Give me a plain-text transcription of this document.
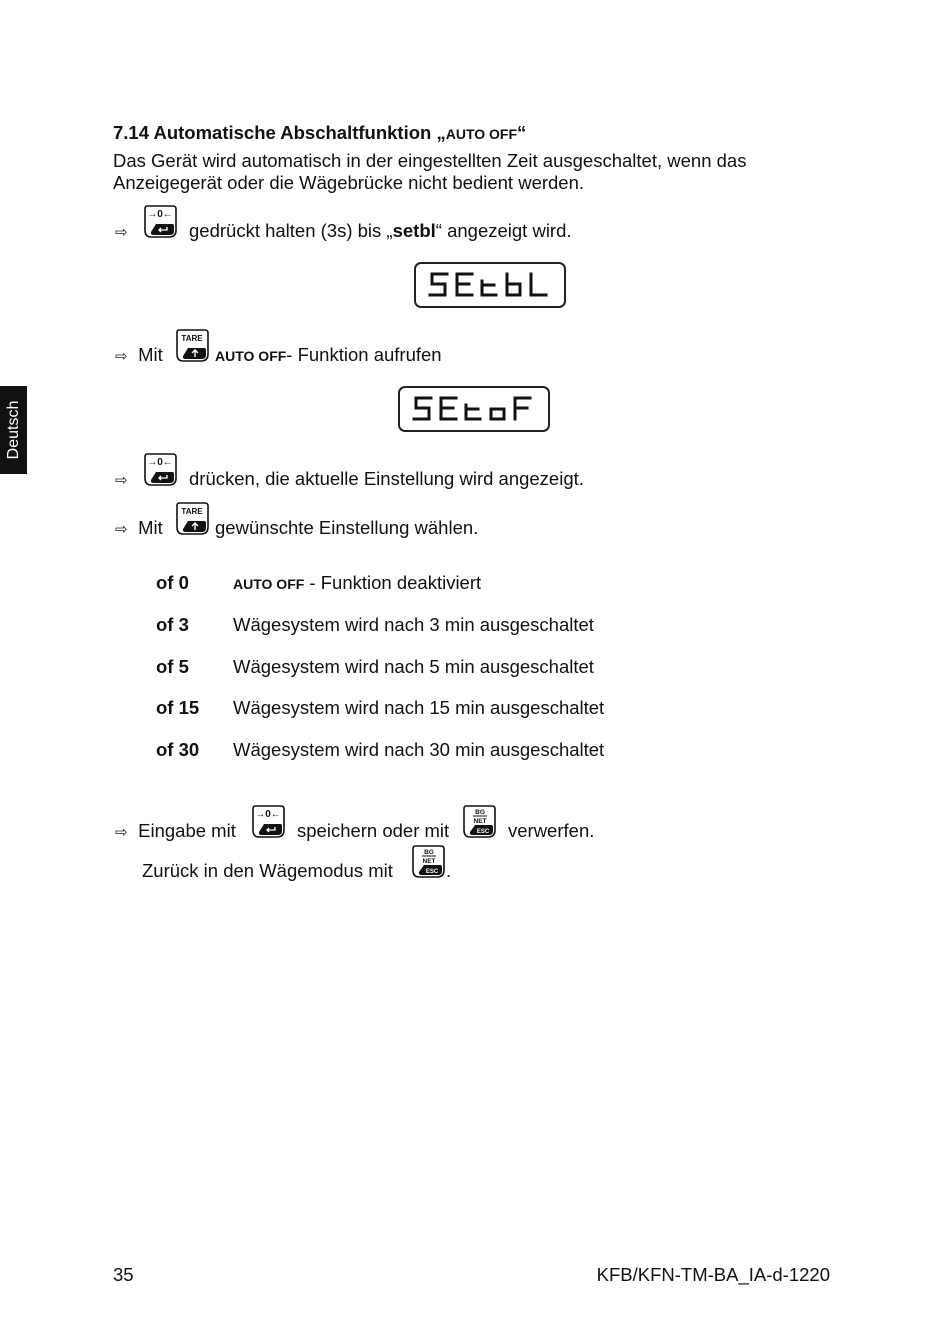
Deutsch
7.14 Automatische Abschaltfunktion „AUTO OFF“
Das Gerät wird automatisch in der eingestellten Zeit ausgeschaltet, wenn das Anzeigegerät oder die Wägebrücke nicht bedient werden.
⇨	gedrückt halten (3s) bis „setbl“ angezeigt wird.
⇨ Mit	AUTO OFF- Funktion aufrufen
⇨	drücken, die aktuelle Einstellung wird angezeigt.
⇨ Mit	gewünschte Einstellung wählen.
of 0	AUTO OFF - Funktion deaktiviert
of 3 Wägesystem wird nach 3 min ausgeschaltet
of 5 Wägesystem wird nach 5 min ausgeschaltet
of 15 Wägesystem wird nach 15 min ausgeschaltet
of 30 Wägesystem wird nach 30 min ausgeschaltet
⇨ Eingabe mit	speichern oder mit	verwerfen.
Zurück in den Wägemodus mit	.
35	KFB/KFN-TM-BA_IA-d-1220
